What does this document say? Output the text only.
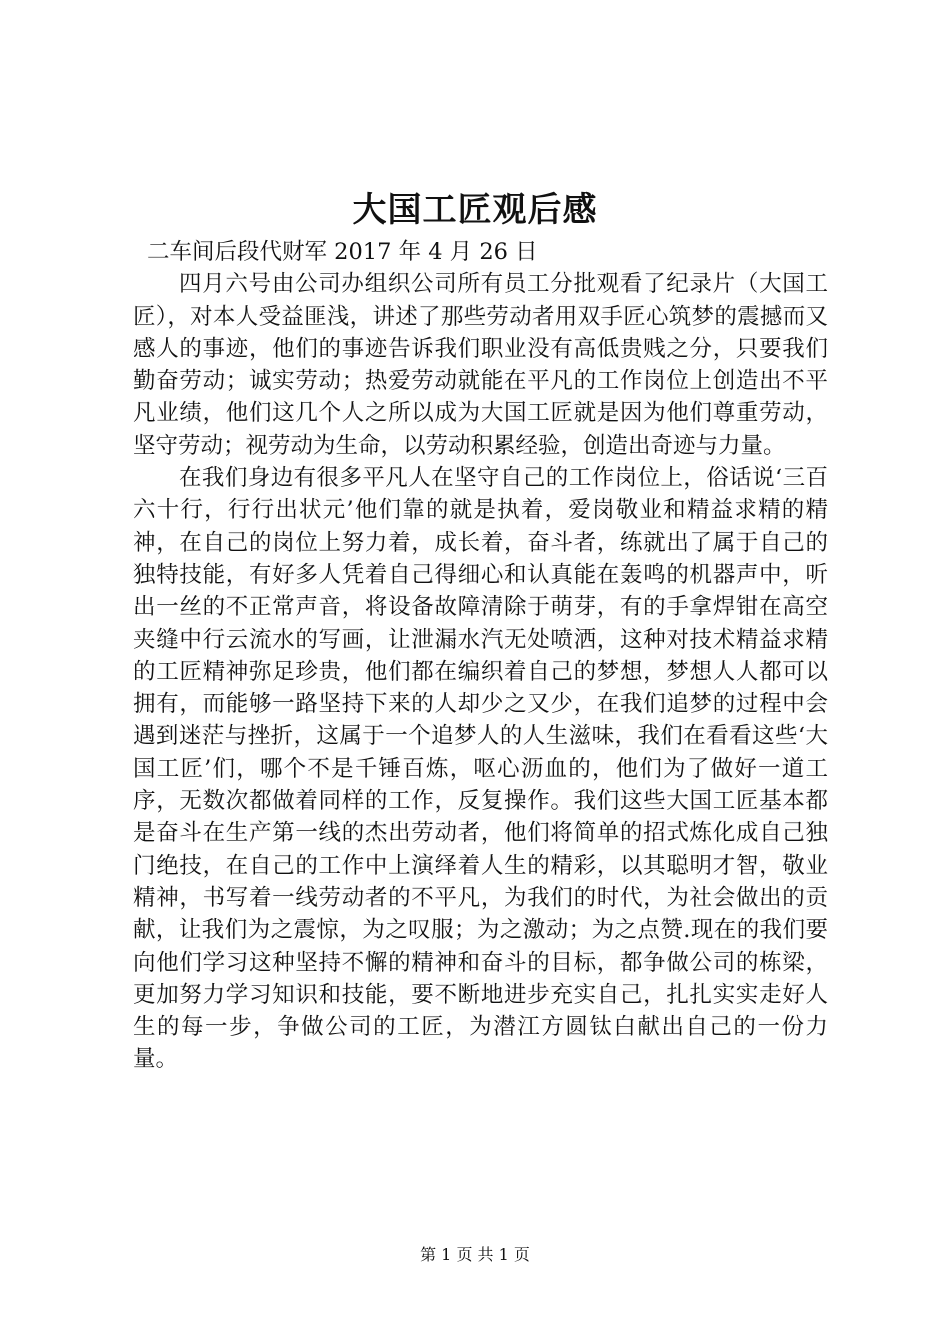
大国工匠观后感

二车间后段代财军 2017 年 4 月 26 日

四月六号由公司办组织公司所有员工分批观看了纪录片（大国工匠），对本人受益匪浅，讲述了那些劳动者用双手匠心筑梦的震撼而又感人的事迹，他们的事迹告诉我们职业没有高低贵贱之分，只要我们勤奋劳动；诚实劳动；热爱劳动就能在平凡的工作岗位上创造出不平凡业绩，他们这几个人之所以成为大国工匠就是因为他们尊重劳动，坚守劳动；视劳动为生命，以劳动积累经验，创造出奇迹与力量。

在我们身边有很多平凡人在坚守自己的工作岗位上，俗话说‘三百六十行，行行出状元’他们靠的就是执着，爱岗敬业和精益求精的精神，在自己的岗位上努力着，成长着，奋斗者，练就出了属于自己的独特技能，有好多人凭着自己得细心和认真能在轰鸣的机器声中，听出一丝的不正常声音，将设备故障清除于萌芽，有的手拿焊钳在高空夹缝中行云流水的写画，让泄漏水汽无处喷洒，这种对技术精益求精的工匠精神弥足珍贵，他们都在编织着自己的梦想，梦想人人都可以拥有，而能够一路坚持下来的人却少之又少，在我们追梦的过程中会遇到迷茫与挫折，这属于一个追梦人的人生滋味，我们在看看这些‘大国工匠’们，哪个不是千锤百炼，呕心沥血的，他们为了做好一道工序，无数次都做着同样的工作，反复操作。我们这些大国工匠基本都是奋斗在生产第一线的杰出劳动者，他们将简单的招式炼化成自己独门绝技，在自己的工作中上演绎着人生的精彩，以其聪明才智，敬业精神，书写着一线劳动者的不平凡，为我们的时代，为社会做出的贡献，让我们为之震惊，为之叹服；为之激动；为之点赞.现在的我们要向他们学习这种坚持不懈的精神和奋斗的目标，都争做公司的栋梁，更加努力学习知识和技能，要不断地进步充实自己，扎扎实实走好人生的每一步，争做公司的工匠，为潜江方圆钛白献出自己的一份力量。

第 1 页 共 1 页
